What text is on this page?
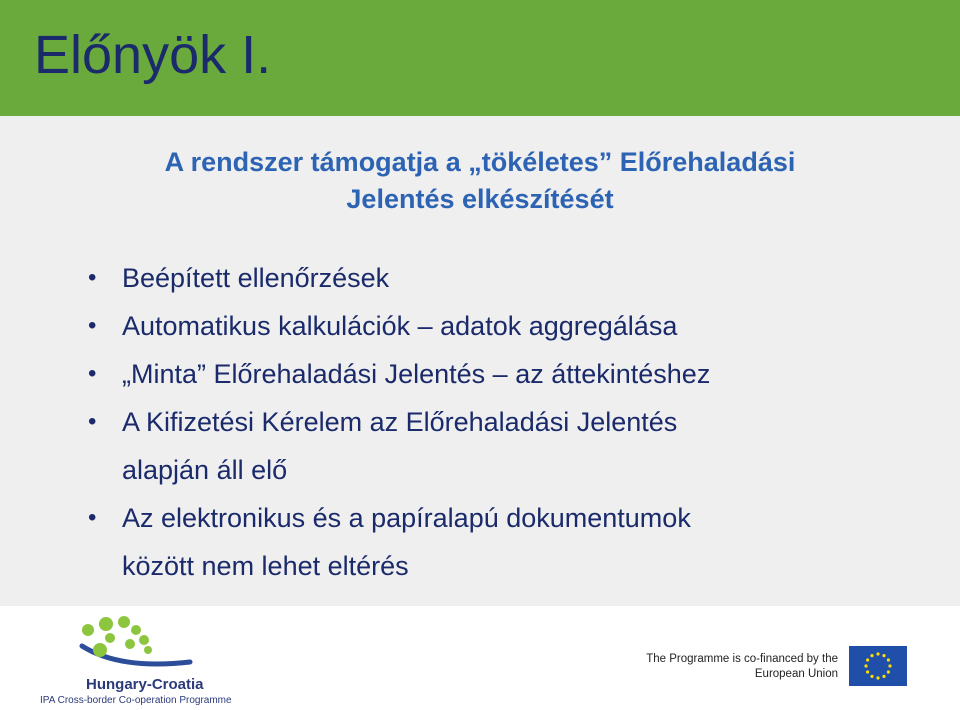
Előnyök I.
A rendszer támogatja a „tökéletes” Előrehaladási
Jelentés elkészítését
• Beépített ellenőrzések
• Automatikus kalkulációk – adatok aggregálása
• „Minta” Előrehaladási Jelentés – az áttekintéshez
• A Kifizetési Kérelem az Előrehaladási Jelentés
alapján áll elő
• Az elektronikus és a papíralapú dokumentumok
között nem lehet eltérés
Hungary-Croatia
IPA Cross-border Co-operation Programme
The Programme is co-financed by the
European Union
